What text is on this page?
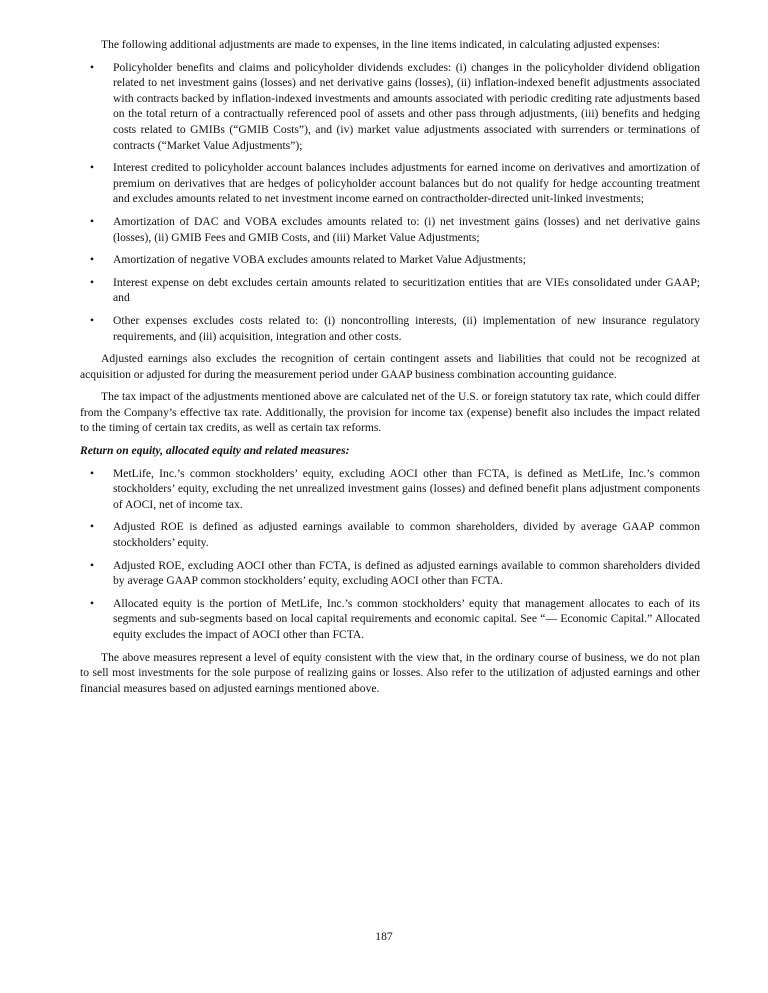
The following additional adjustments are made to expenses, in the line items indicated, in calculating adjusted expenses:

•	Policyholder benefits and claims and policyholder dividends excludes: (i) changes in the policyholder dividend obligation related to net investment gains (losses) and net derivative gains (losses), (ii) inflation-indexed benefit adjustments associated with contracts backed by inflation-indexed investments and amounts associated with periodic crediting rate adjustments based on the total return of a contractually referenced pool of assets and other pass through adjustments, (iii) benefits and hedging costs related to GMIBs (“GMIB Costs”), and (iv) market value adjustments associated with surrenders or terminations of contracts (“Market Value Adjustments”);
•	Interest credited to policyholder account balances includes adjustments for earned income on derivatives and amortization of premium on derivatives that are hedges of policyholder account balances but do not qualify for hedge accounting treatment and excludes amounts related to net investment income earned on contractholder-directed unit-linked investments;
•	Amortization of DAC and VOBA excludes amounts related to: (i) net investment gains (losses) and net derivative gains (losses), (ii) GMIB Fees and GMIB Costs, and (iii) Market Value Adjustments;
•	Amortization of negative VOBA excludes amounts related to Market Value Adjustments;
•	Interest expense on debt excludes certain amounts related to securitization entities that are VIEs consolidated under GAAP; and
•	Other expenses excludes costs related to: (i) noncontrolling interests, (ii) implementation of new insurance regulatory requirements, and (iii) acquisition, integration and other costs.

Adjusted earnings also excludes the recognition of certain contingent assets and liabilities that could not be recognized at acquisition or adjusted for during the measurement period under GAAP business combination accounting guidance.

The tax impact of the adjustments mentioned above are calculated net of the U.S. or foreign statutory tax rate, which could differ from the Company’s effective tax rate. Additionally, the provision for income tax (expense) benefit also includes the impact related to the timing of certain tax credits, as well as certain tax reforms.

Return on equity, allocated equity and related measures:
•	MetLife, Inc.’s common stockholders’ equity, excluding AOCI other than FCTA, is defined as MetLife, Inc.’s common stockholders’ equity, excluding the net unrealized investment gains (losses) and defined benefit plans adjustment components of AOCI, net of income tax.
•	Adjusted ROE is defined as adjusted earnings available to common shareholders, divided by average GAAP common stockholders’ equity.
•	Adjusted ROE, excluding AOCI other than FCTA, is defined as adjusted earnings available to common shareholders divided by average GAAP common stockholders’ equity, excluding AOCI other than FCTA.
•	Allocated equity is the portion of MetLife, Inc.’s common stockholders’ equity that management allocates to each of its segments and sub-segments based on local capital requirements and economic capital. See “— Economic Capital.” Allocated equity excludes the impact of AOCI other than FCTA.

The above measures represent a level of equity consistent with the view that, in the ordinary course of business, we do not plan to sell most investments for the sole purpose of realizing gains or losses. Also refer to the utilization of adjusted earnings and other financial measures based on adjusted earnings mentioned above.

187
